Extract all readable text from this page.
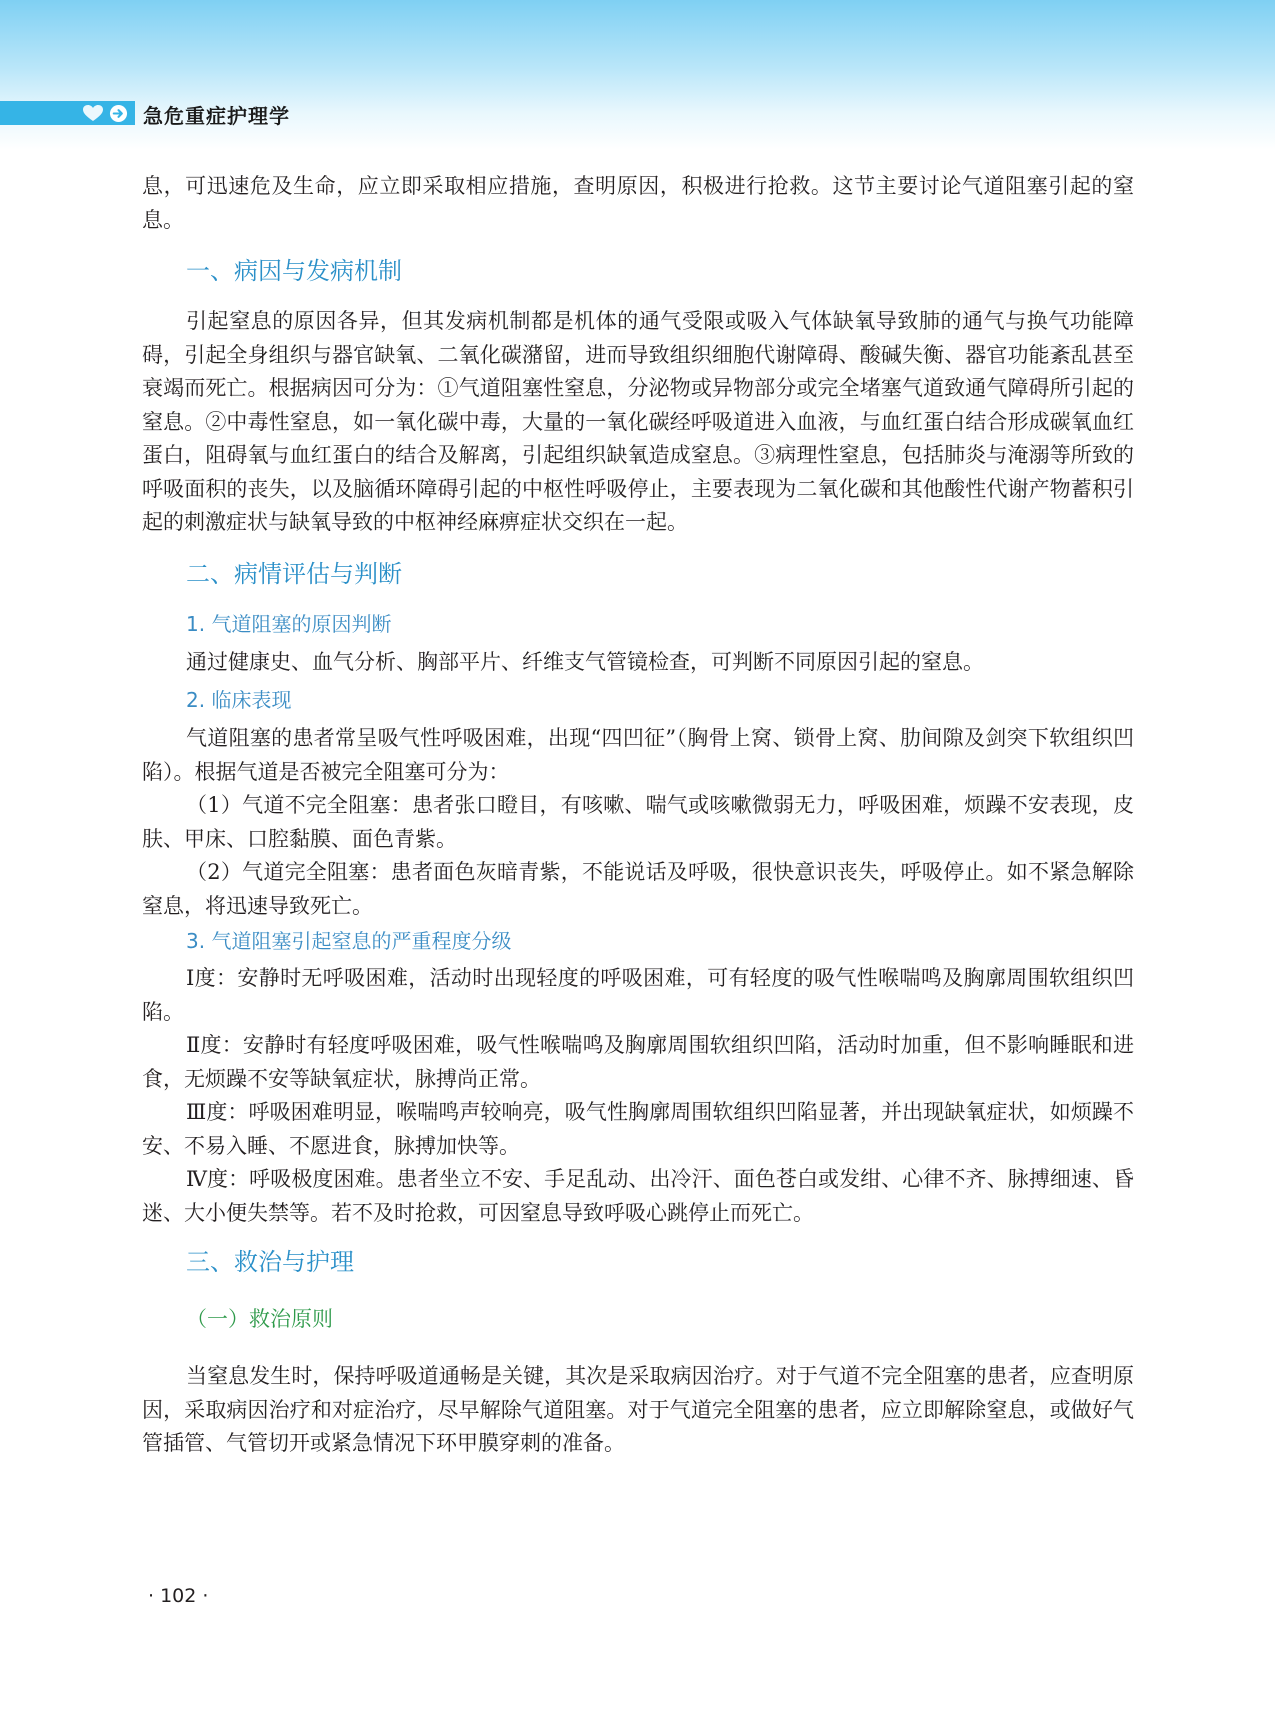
急危重症护理学

息，可迅速危及生命，应立即采取相应措施，查明原因，积极进行抢救。这节主要讨论气道阻塞引起的窒息。

一、病因与发病机制

引起窒息的原因各异，但其发病机制都是机体的通气受限或吸入气体缺氧导致肺的通气与换气功能障碍，引起全身组织与器官缺氧、二氧化碳潴留，进而导致组织细胞代谢障碍、酸碱失衡、器官功能紊乱甚至衰竭而死亡。根据病因可分为：①气道阻塞性窒息，分泌物或异物部分或完全堵塞气道致通气障碍所引起的窒息。②中毒性窒息，如一氧化碳中毒，大量的一氧化碳经呼吸道进入血液，与血红蛋白结合形成碳氧血红蛋白，阻碍氧与血红蛋白的结合及解离，引起组织缺氧造成窒息。③病理性窒息，包括肺炎与淹溺等所致的呼吸面积的丧失，以及脑循环障碍引起的中枢性呼吸停止，主要表现为二氧化碳和其他酸性代谢产物蓄积引起的刺激症状与缺氧导致的中枢神经麻痹症状交织在一起。

二、病情评估与判断
1. 气道阻塞的原因判断

通过健康史、血气分析、胸部平片、纤维支气管镜检查，可判断不同原因引起的窒息。

2. 临床表现

气道阻塞的患者常呈吸气性呼吸困难，出现“四凹征”（胸骨上窝、锁骨上窝、肋间隙及剑突下软组织凹陷）。根据气道是否被完全阻塞可分为：

（1）气道不完全阻塞：患者张口瞪目，有咳嗽、喘气或咳嗽微弱无力，呼吸困难，烦躁不安表现，皮肤、甲床、口腔黏膜、面色青紫。

（2）气道完全阻塞：患者面色灰暗青紫，不能说话及呼吸，很快意识丧失，呼吸停止。如不紧急解除窒息，将迅速导致死亡。

3. 气道阻塞引起窒息的严重程度分级

Ⅰ度：安静时无呼吸困难，活动时出现轻度的呼吸困难，可有轻度的吸气性喉喘鸣及胸廓周围软组织凹陷。

Ⅱ度：安静时有轻度呼吸困难，吸气性喉喘鸣及胸廓周围软组织凹陷，活动时加重，但不影响睡眠和进食，无烦躁不安等缺氧症状，脉搏尚正常。

Ⅲ度：呼吸困难明显，喉喘鸣声较响亮，吸气性胸廓周围软组织凹陷显著，并出现缺氧症状，如烦躁不安、不易入睡、不愿进食，脉搏加快等。

Ⅳ度：呼吸极度困难。患者坐立不安、手足乱动、出冷汗、面色苍白或发绀、心律不齐、脉搏细速、昏迷、大小便失禁等。若不及时抢救，可因窒息导致呼吸心跳停止而死亡。

三、救治与护理
（一）救治原则

当窒息发生时，保持呼吸道通畅是关键，其次是采取病因治疗。对于气道不完全阻塞的患者，应查明原因，采取病因治疗和对症治疗，尽早解除气道阻塞。对于气道完全阻塞的患者，应立即解除窒息，或做好气管插管、气管切开或紧急情况下环甲膜穿刺的准备。

· 102 ·
